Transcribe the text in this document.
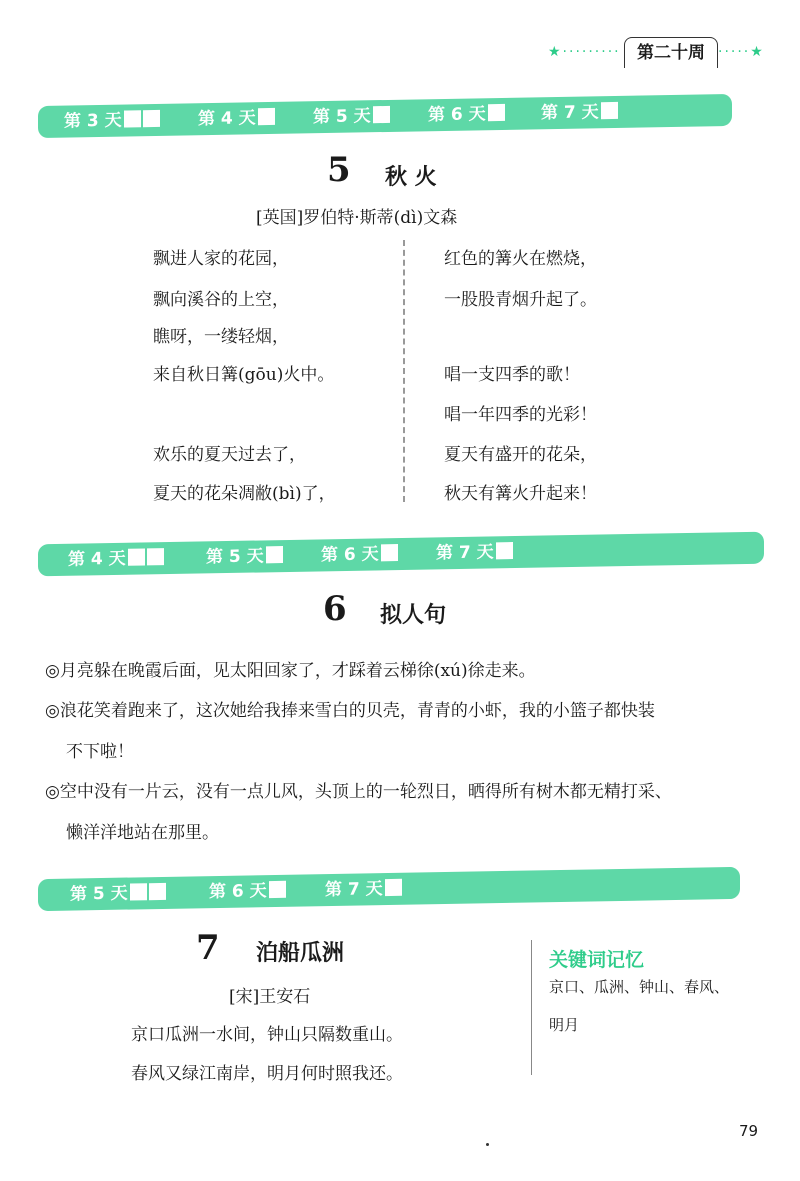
★········· 第二十周 ·····★
第 3 天	第 4 天	第 5 天	第 6 天	第 7 天
5 秋 火
[英国]罗伯特·斯蒂(dì)文森
飘进人家的花园，
飘向溪谷的上空，
瞧呀，一缕轻烟，
来自秋日篝(gōu)火中。
欢乐的夏天过去了，
夏天的花朵凋敝(bì)了，
红色的篝火在燃烧，
一股股青烟升起了。
唱一支四季的歌！
唱一年四季的光彩！
夏天有盛开的花朵，
秋天有篝火升起来！
第 4 天	第 5 天	第 6 天	第 7 天
6 拟人句
◎月亮躲在晚霞后面，见太阳回家了，才踩着云梯徐(xú)徐走来。
◎浪花笑着跑来了，这次她给我捧来雪白的贝壳，青青的小虾，我的小篮子都快装
不下啦！
◎空中没有一片云，没有一点儿风，头顶上的一轮烈日，晒得所有树木都无精打采、
懒洋洋地站在那里。
第 5 天	第 6 天	第 7 天
7 泊船瓜洲
[宋]王安石
京口瓜洲一水间，钟山只隔数重山。
春风又绿江南岸，明月何时照我还。
关键词记忆
京口、瓜洲、钟山、春风、
明月
79
